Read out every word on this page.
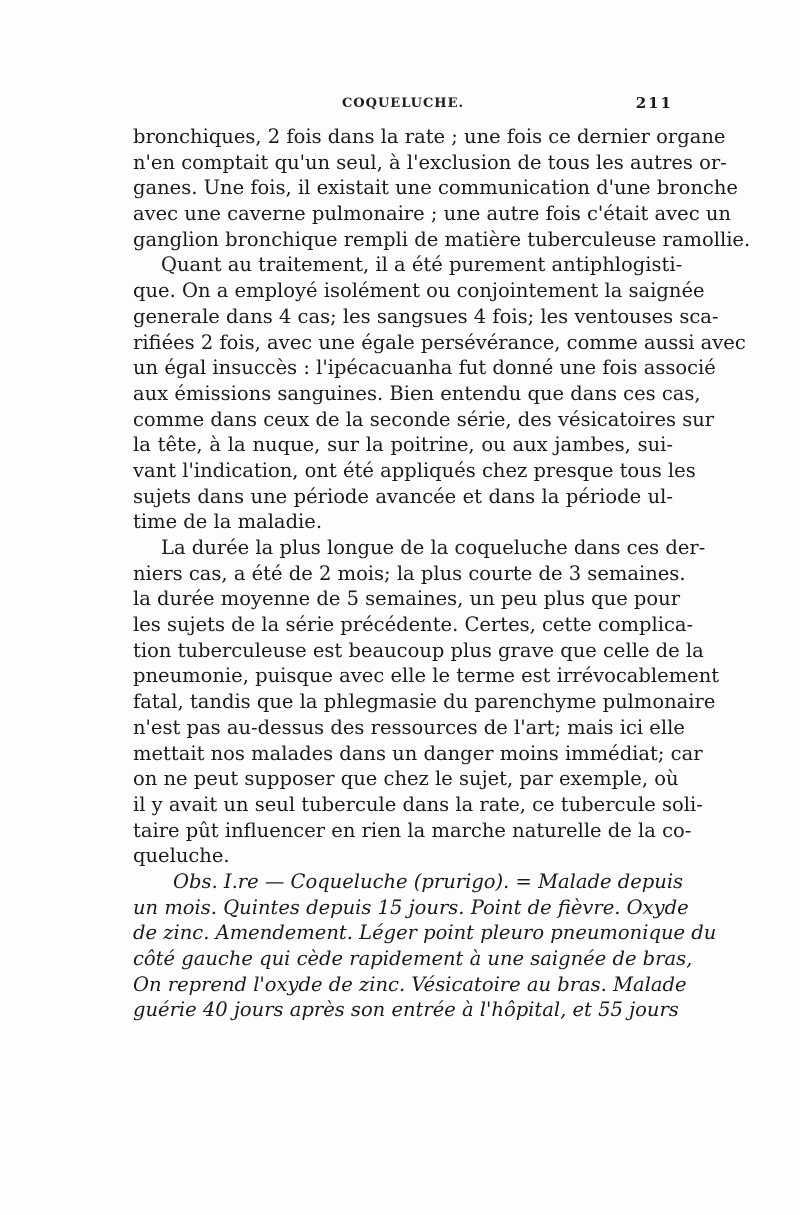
COQUELUCHE.	211
bronchiques, 2 fois dans la rate ; une fois ce dernier organe
n'en comptait qu'un seul, à l'exclusion de tous les autres or-
ganes. Une fois, il existait une communication d'une bronche
avec une caverne pulmonaire ; une autre fois c'était avec un
ganglion bronchique rempli de matière tuberculeuse ramollie.
Quant au traitement, il a été purement antiphlogisti-
que. On a employé isolément ou conjointement la saignée
generale dans 4 cas; les sangsues 4 fois; les ventouses sca-
rifiées 2 fois, avec une égale persévérance, comme aussi avec
un égal insuccès : l'ipécacuanha fut donné une fois associé
aux émissions sanguines. Bien entendu que dans ces cas,
comme dans ceux de la seconde série, des vésicatoires sur
la tête, à la nuque, sur la poitrine, ou aux jambes, sui-
vant l'indication, ont été appliqués chez presque tous les
sujets dans une période avancée et dans la période ul-
time de la maladie.
La durée la plus longue de la coqueluche dans ces der-
niers cas, a été de 2 mois; la plus courte de 3 semaines.
la durée moyenne de 5 semaines, un peu plus que pour
les sujets de la série précédente. Certes, cette complica-
tion tuberculeuse est beaucoup plus grave que celle de la
pneumonie, puisque avec elle le terme est irrévocablement
fatal, tandis que la phlegmasie du parenchyme pulmonaire
n'est pas au-dessus des ressources de l'art; mais ici elle
mettait nos malades dans un danger moins immédiat; car
on ne peut supposer que chez le sujet, par exemple, où
il y avait un seul tubercule dans la rate, ce tubercule soli-
taire pût influencer en rien la marche naturelle de la co-
queluche.
Obs. I.re — Coqueluche (prurigo). = Malade depuis
un mois. Quintes depuis 15 jours. Point de fièvre. Oxyde
de zinc. Amendement. Léger point pleuro pneumonique du
côté gauche qui cède rapidement à une saignée de bras,
On reprend l'oxyde de zinc. Vésicatoire au bras. Malade
guérie 40 jours après son entrée à l'hôpital, et 55 jours
